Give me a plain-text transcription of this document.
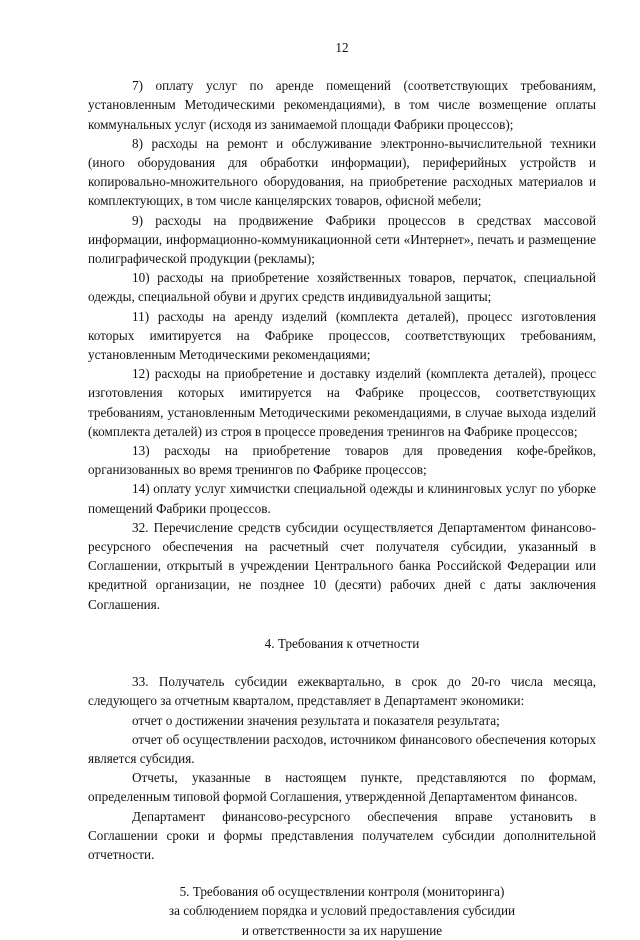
12

7) оплату услуг по аренде помещений (соответствующих требованиям, установленным Методическими рекомендациями), в том числе возмещение оплаты коммунальных услуг (исходя из занимаемой площади Фабрики процессов);

8) расходы на ремонт и обслуживание электронно-вычислительной техники (иного оборудования для обработки информации), периферийных устройств и копировально-множительного оборудования, на приобретение расходных материалов и комплектующих, в том числе канцелярских товаров, офисной мебели;

9) расходы на продвижение Фабрики процессов в средствах массовой информации, информационно-коммуникационной сети «Интернет», печать и размещение полиграфической продукции (рекламы);

10) расходы на приобретение хозяйственных товаров, перчаток, специальной одежды, специальной обуви и других средств индивидуальной защиты;

11) расходы на аренду изделий (комплекта деталей), процесс изготовления которых имитируется на Фабрике процессов, соответствующих требованиям, установленным Методическими рекомендациями;

12) расходы на приобретение и доставку изделий (комплекта деталей), процесс изготовления которых имитируется на Фабрике процессов, соответствующих требованиям, установленным Методическими рекомендациями, в случае выхода изделий (комплекта деталей) из строя в процессе проведения тренингов на Фабрике процессов;

13) расходы на приобретение товаров для проведения кофе-брейков, организованных во время тренингов по Фабрике процессов;

14) оплату услуг химчистки специальной одежды и клининговых услуг по уборке помещений Фабрики процессов.

32. Перечисление средств субсидии осуществляется Департаментом финансово-ресурсного обеспечения на расчетный счет получателя субсидии, указанный в Соглашении, открытый в учреждении Центрального банка Российской Федерации или кредитной организации, не позднее 10 (десяти) рабочих дней с даты заключения Соглашения.

4. Требования к отчетности

33. Получатель субсидии ежеквартально, в срок до 20-го числа месяца, следующего за отчетным кварталом, представляет в Департамент экономики:

отчет о достижении значения результата и показателя результата;

отчет об осуществлении расходов, источником финансового обеспечения которых является субсидия.

Отчеты, указанные в настоящем пункте, представляются по формам, определенным типовой формой Соглашения, утвержденной Департаментом финансов.

Департамент финансово-ресурсного обеспечения вправе установить в Соглашении сроки и формы представления получателем субсидии дополнительной отчетности.

5. Требования об осуществлении контроля (мониторинга)
за соблюдением порядка и условий предоставления субсидии
и ответственности за их нарушение
